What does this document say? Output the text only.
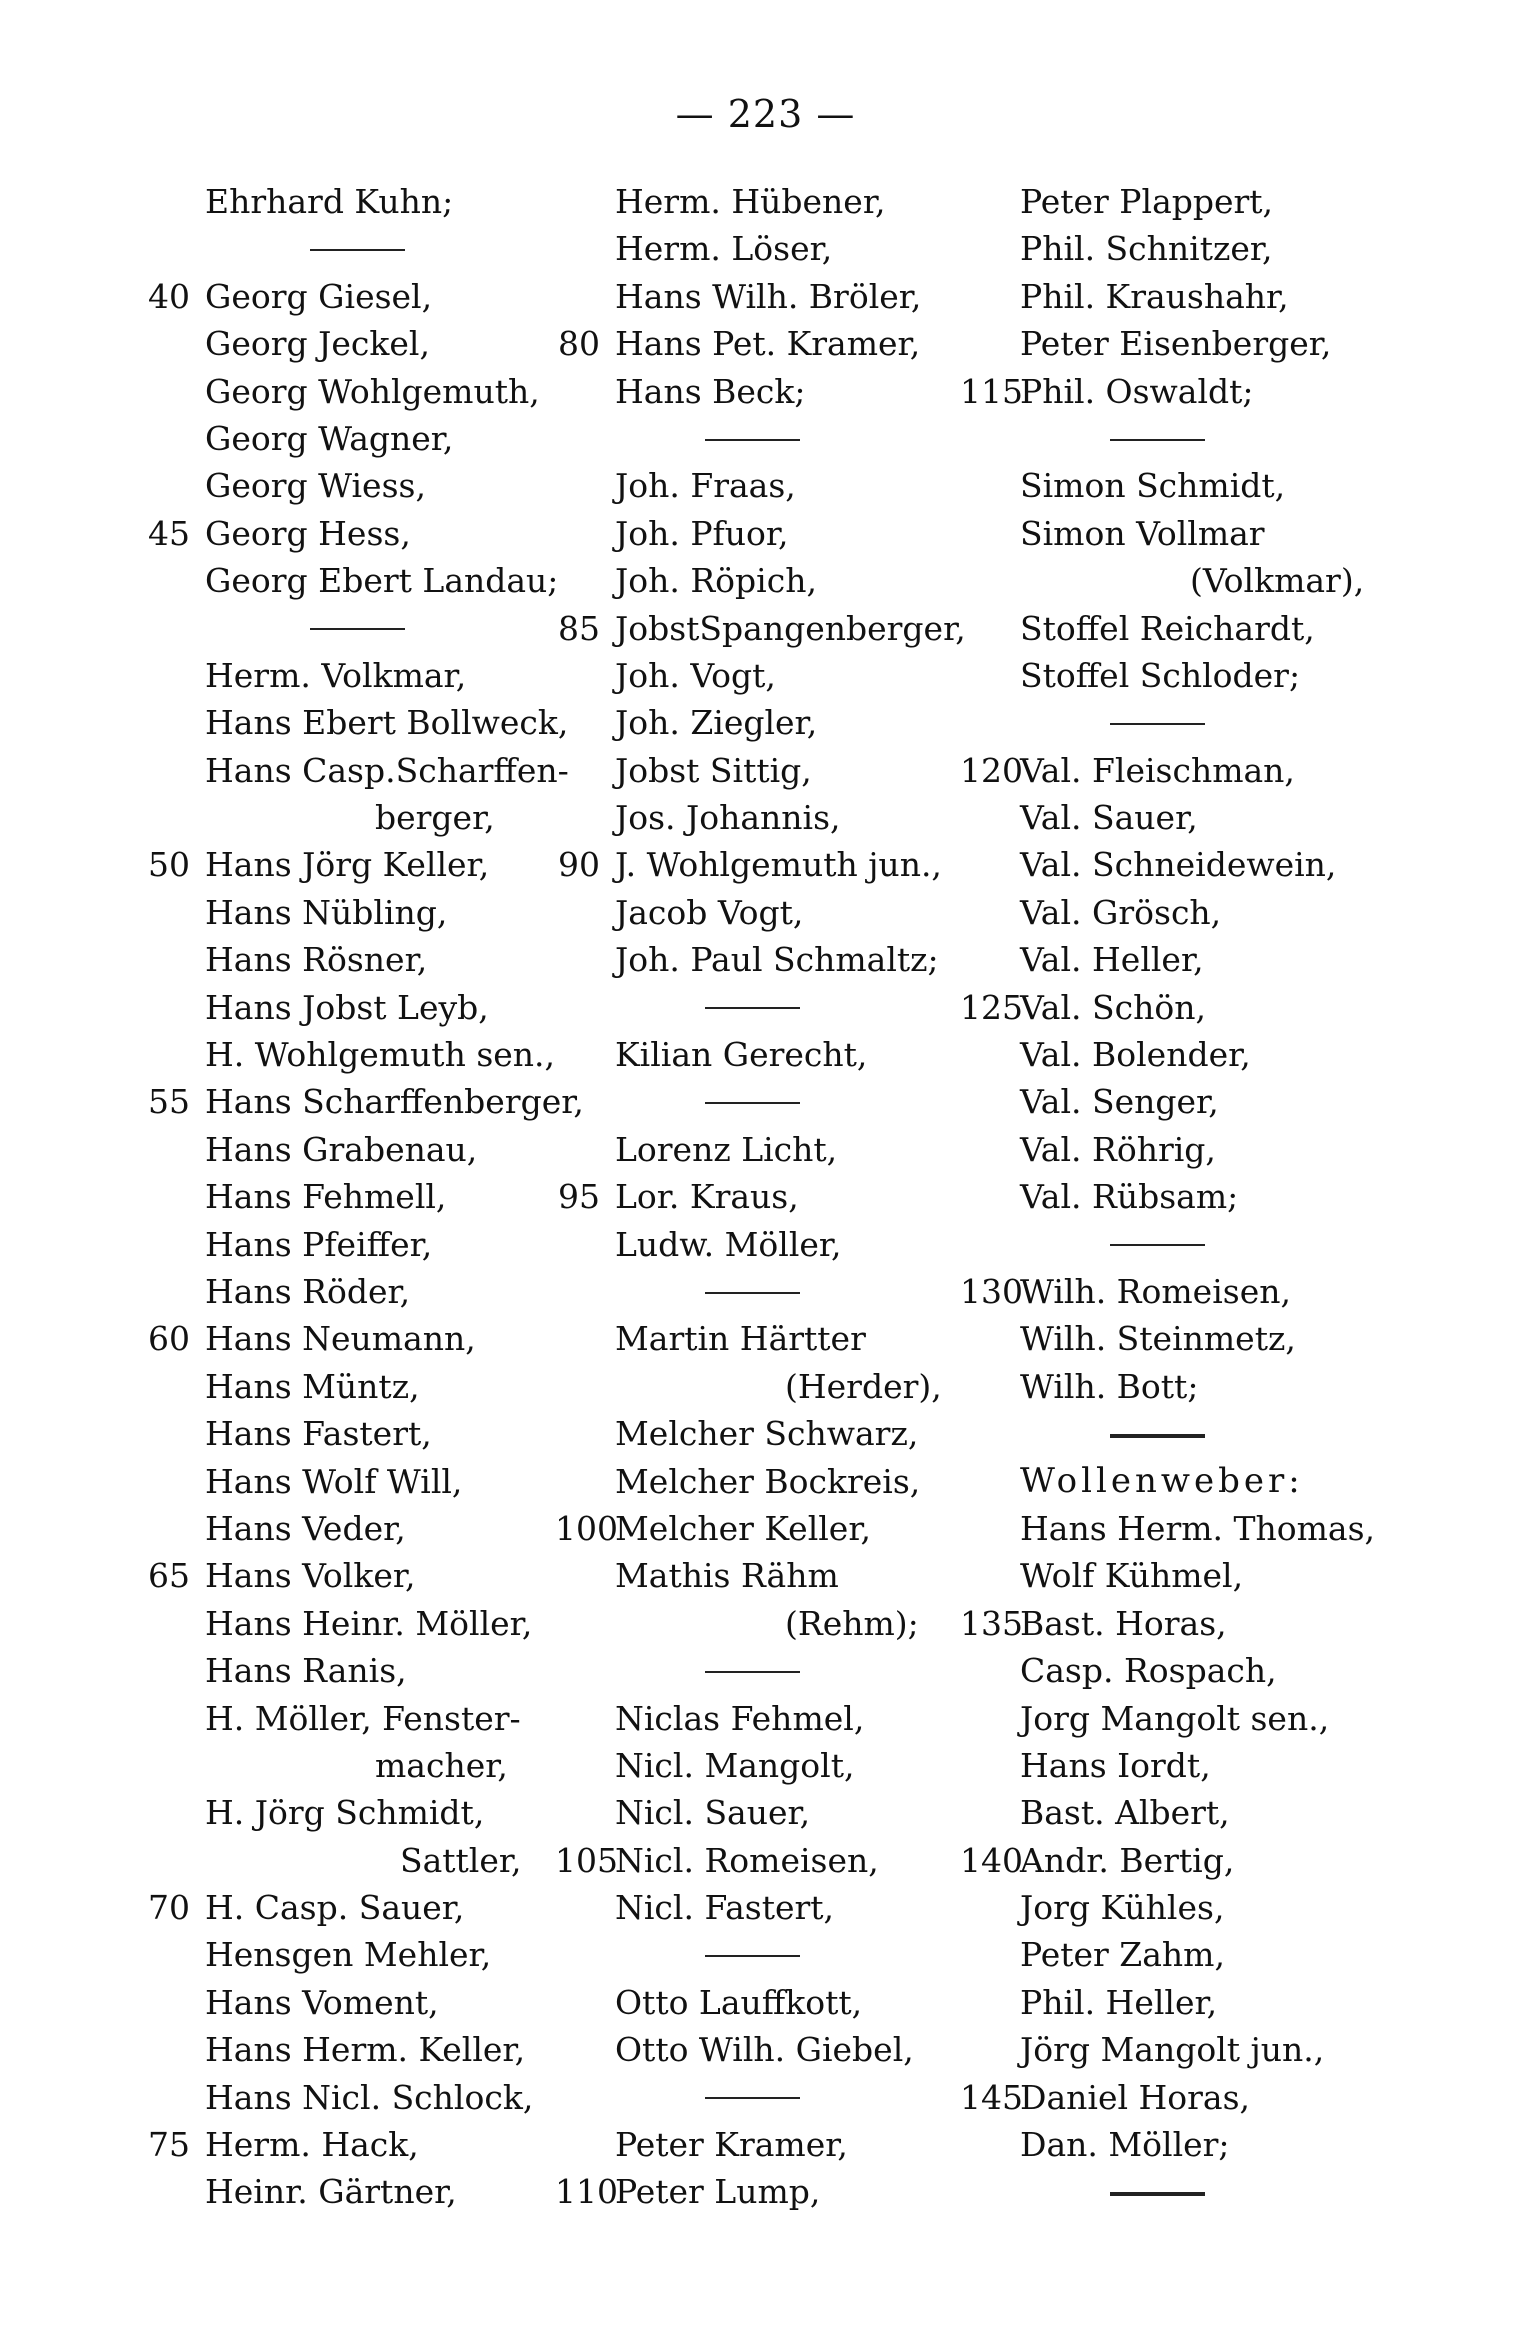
— 223 —
Ehrhard Kuhn;
40 Georg Giesel,
Georg Jeckel,
Georg Wohlgemuth,
Georg Wagner,
Georg Wiess,
45 Georg Hess,
Georg Ebert Landau;
Herm. Volkmar,
Hans Ebert Bollweck,
Hans Casp.Scharffen-
berger,
50 Hans Jörg Keller,
Hans Nübling,
Hans Rösner,
Hans Jobst Leyb,
H. Wohlgemuth sen.,
55 Hans Scharffenberger,
Hans Grabenau,
Hans Fehmell,
Hans Pfeiffer,
Hans Röder,
60 Hans Neumann,
Hans Müntz,
Hans Fastert,
Hans Wolf Will,
Hans Veder,
65 Hans Volker,
Hans Heinr. Möller,
Hans Ranis,
H. Möller, Fenster-
macher,
H. Jörg Schmidt,
Sattler,
70 H. Casp. Sauer,
Hensgen Mehler,
Hans Voment,
Hans Herm. Keller,
Hans Nicl. Schlock,
75 Herm. Hack,
Heinr. Gärtner,
Herm. Hübener,
Herm. Löser,
Hans Wilh. Bröler,
80 Hans Pet. Kramer,
Hans Beck;
Joh. Fraas,
Joh. Pfuor,
Joh. Röpich,
85 JobstSpangenberger,
Joh. Vogt,
Joh. Ziegler,
Jobst Sittig,
Jos. Johannis,
90 J. Wohlgemuth jun.,
Jacob Vogt,
Joh. Paul Schmaltz;
Kilian Gerecht,
Lorenz Licht,
95 Lor. Kraus,
Ludw. Möller,
Martin Härtter
(Herder),
Melcher Schwarz,
Melcher Bockreis,
100
Melcher Keller,
Mathis Rähm
(Rehm);
Niclas Fehmel,
Nicl. Mangolt,
Nicl. Sauer,
105
Nicl. Romeisen,
Nicl. Fastert,
Otto Lauffkott,
Otto Wilh. Giebel,
Peter Kramer,
110
Peter Lump,
Peter Plappert,
Phil. Schnitzer,
Phil. Kraushahr,
Peter Eisenberger,
115
Phil. Oswaldt;
Simon Schmidt,
Simon Vollmar
(Volkmar),
Stoffel Reichardt,
Stoffel Schloder;
120
Val. Fleischman,
Val. Sauer,
Val. Schneidewein,
Val. Grösch,
Val. Heller,
125
Val. Schön,
Val. Bolender,
Val. Senger,
Val. Röhrig,
Val. Rübsam;
130
Wilh. Romeisen,
Wilh. Steinmetz,
Wilh. Bott;
Wollenweber:
Hans Herm. Thomas,
Wolf Kühmel,
135
Bast. Horas,
Casp. Rospach,
Jorg Mangolt sen.,
Hans Iordt,
Bast. Albert,
140
Andr. Bertig,
Jorg Kühles,
Peter Zahm,
Phil. Heller,
Jörg Mangolt jun.,
145
Daniel Horas,
Dan. Möller;
